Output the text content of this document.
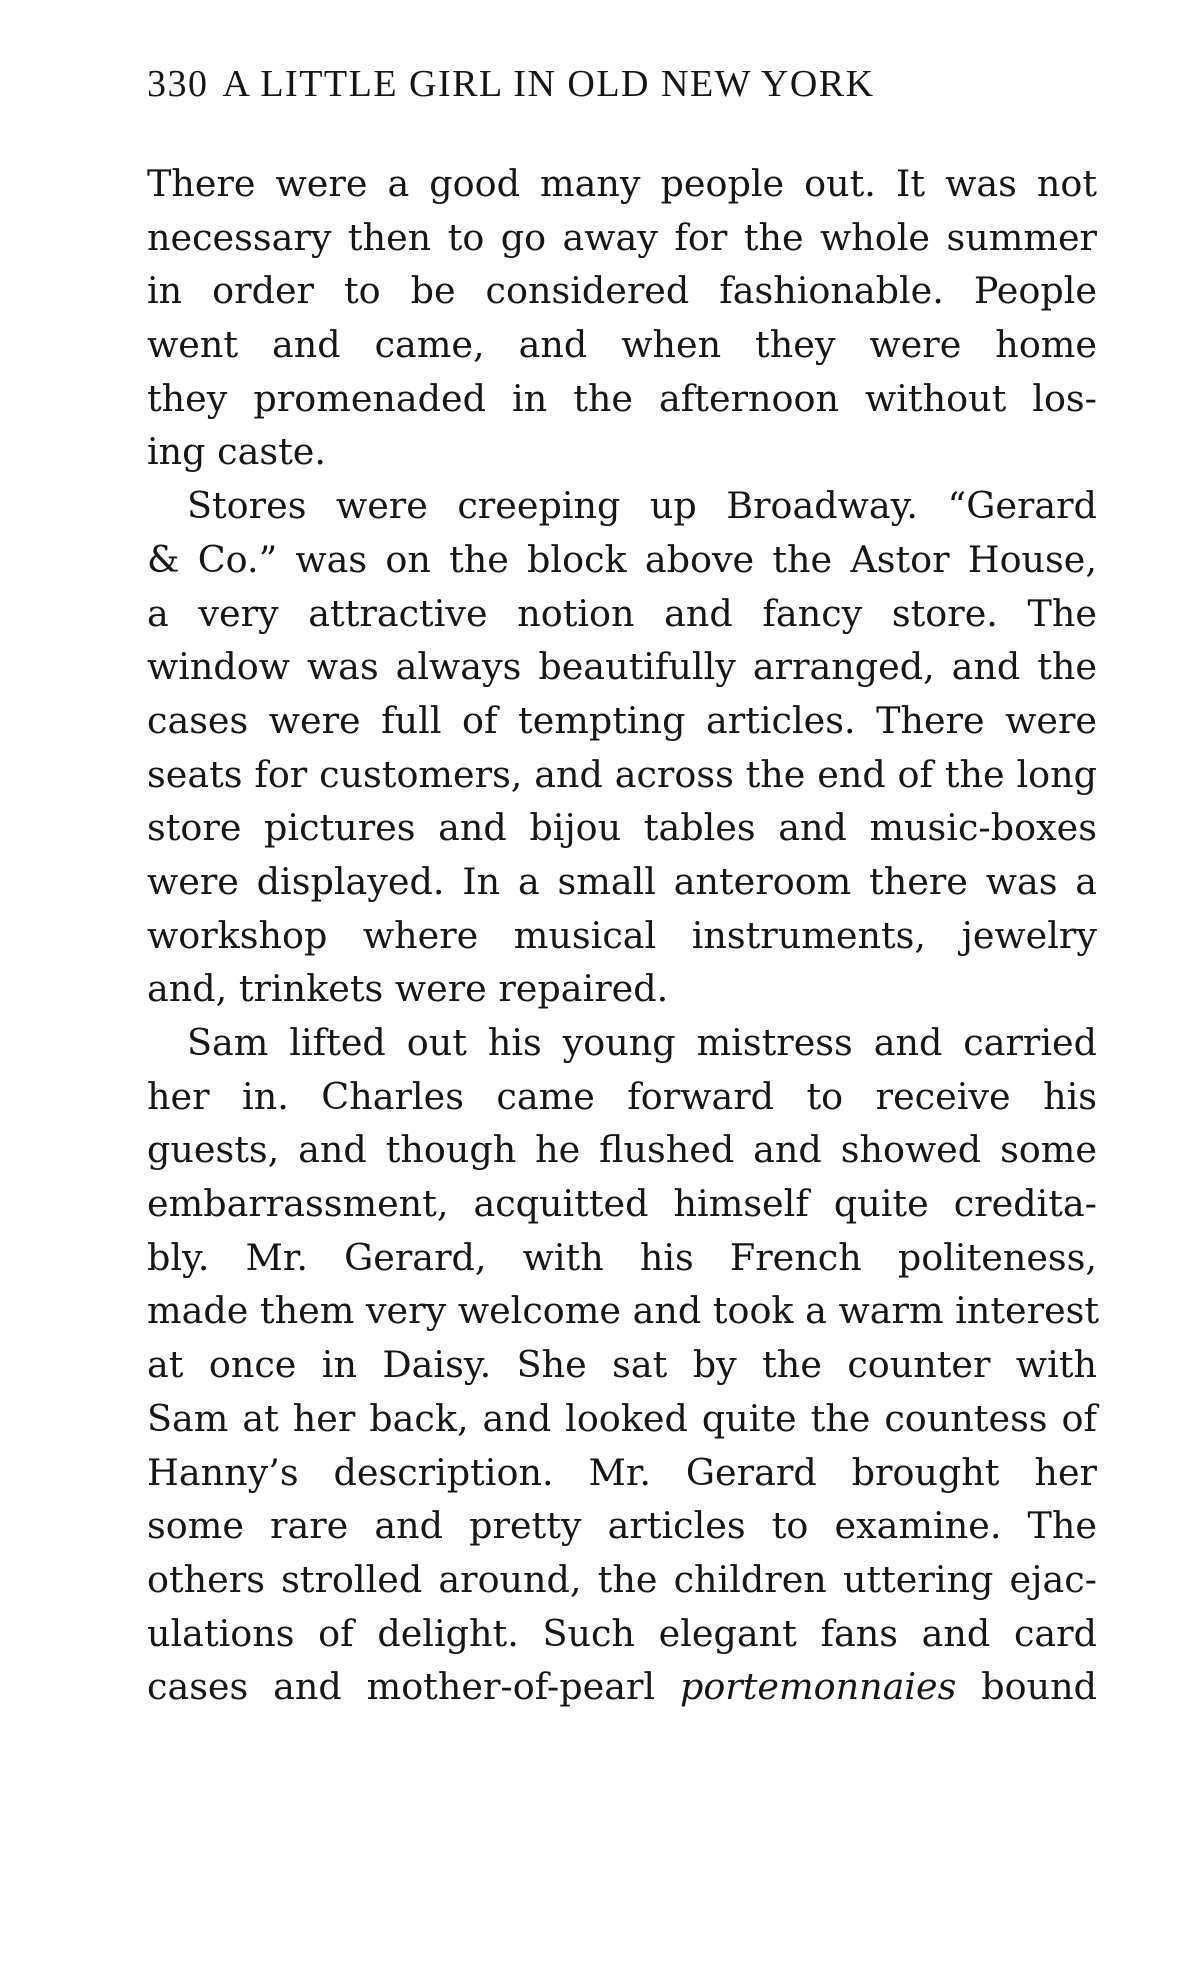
330 A LITTLE GIRL IN OLD NEW YORK
There were a good many people out. It was not
necessary then to go away for the whole summer
in order to be considered fashionable. People
went and came, and when they were home
they promenaded in the afternoon without los-
ing caste.
Stores were creeping up Broadway. “Gerard
& Co.” was on the block above the Astor House,
a very attractive notion and fancy store. The
window was always beautifully arranged, and the
cases were full of tempting articles. There were
seats for customers, and across the end of the long
store pictures and bijou tables and music-boxes
were displayed. In a small anteroom there was a
workshop where musical instruments, jewelry
and, trinkets were repaired.
Sam lifted out his young mistress and carried
her in. Charles came forward to receive his
guests, and though he flushed and showed some
embarrassment, acquitted himself quite credita-
bly. Mr. Gerard, with his French politeness,
made them very welcome and took a warm interest
at once in Daisy. She sat by the counter with
Sam at her back, and looked quite the countess of
Hanny’s description. Mr. Gerard brought her
some rare and pretty articles to examine. The
others strolled around, the children uttering ejac-
ulations of delight. Such elegant fans and card
cases and mother-of-pearl portemonnaies bound
